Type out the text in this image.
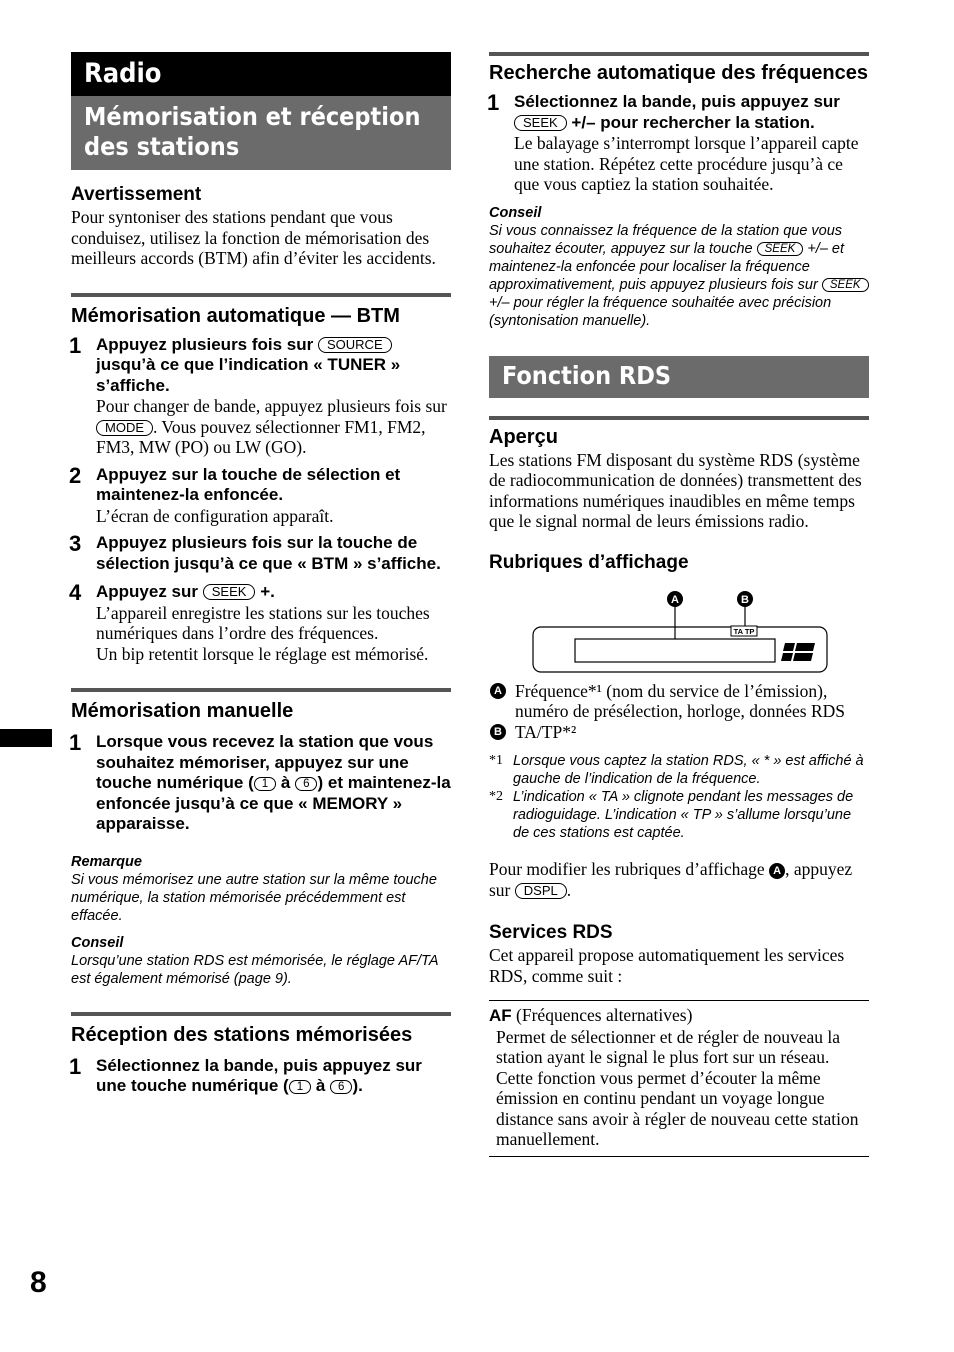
8
Radio
Mémorisation et réception des stations
Avertissement

Pour syntoniser des stations pendant que vous conduisez, utilisez la fonction de mémorisation des meilleurs accords (BTM) afin d’éviter les accidents.

Mémorisation automatique — BTM
1 Appuyez plusieurs fois sur SOURCE jusqu’à ce que l’indication « TUNER » s’affiche.

Pour changer de bande, appuyez plusieurs fois sur MODE . Vous pouvez sélectionner FM1, FM2, FM3, MW (PO) ou LW (GO).

2 Appuyez sur la touche de sélection et maintenez-la enfoncée.

L’écran de configuration apparaît.

3 Appuyez plusieurs fois sur la touche de sélection jusqu’à ce que « BTM » s’affiche.
4 Appuyez sur SEEK +.

L’appareil enregistre les stations sur les touches numériques dans l’ordre des fréquences.

Un bip retentit lorsque le réglage est mémorisé.

Mémorisation manuelle
1 Lorsque vous recevez la station que vous souhaitez mémoriser, appuyez sur une touche numérique ( 1 à 6 ) et maintenez-la enfoncée jusqu’à ce que « MEMORY » apparaisse.
Remarque
Si vous mémorisez une autre station sur la même touche numérique, la station mémorisée précédemment est effacée.
Conseil
Lorsqu’une station RDS est mémorisée, le réglage AF/TA est également mémorisé (page 9).
Réception des stations mémorisées
1 Sélectionnez la bande, puis appuyez sur une touche numérique ( 1 à 6 ).
Recherche automatique des fréquences
1 Sélectionnez la bande, puis appuyez sur SEEK +/– pour rechercher la station.

Le balayage s’interrompt lorsque l’appareil capte une station. Répétez cette procédure jusqu’à ce que vous captiez la station souhaitée.

Conseil
Si vous connaissez la fréquence de la station que vous souhaitez écouter, appuyez sur la touche SEEK +/– et maintenez-la enfoncée pour localiser la fréquence approximativement, puis appuyez plusieurs fois sur SEEK +/– pour régler la fréquence souhaitée avec précision (syntonisation manuelle).
Fonction RDS
Aperçu

Les stations FM disposant du système RDS (système de radiocommunication de données) transmettent des informations numériques inaudibles en même temps que le signal normal de leurs émissions radio.

Rubriques d’affichage
TA TP
A	B
A Fréquence*¹ (nom du service de l’émission), numéro de présélection, horloge, données RDS

B TA/TP*²

*1 Lorsque vous captez la station RDS, « * » est affiché à gauche de l’indication de la fréquence.
*2 L’indication « TA » clignote pendant les messages de radioguidage. L’indication « TP » s’allume lorsqu’une de ces stations est captée.

Pour modifier les rubriques d’affichage A , appuyez sur DSPL .

Services RDS

Cet appareil propose automatiquement les services RDS, comme suit :

AF (Fréquences alternatives)

Permet de sélectionner et de régler de nouveau la station ayant le signal le plus fort sur un réseau. Cette fonction vous permet d’écouter la même émission en continu pendant un voyage longue distance sans avoir à régler de nouveau cette station manuellement.
